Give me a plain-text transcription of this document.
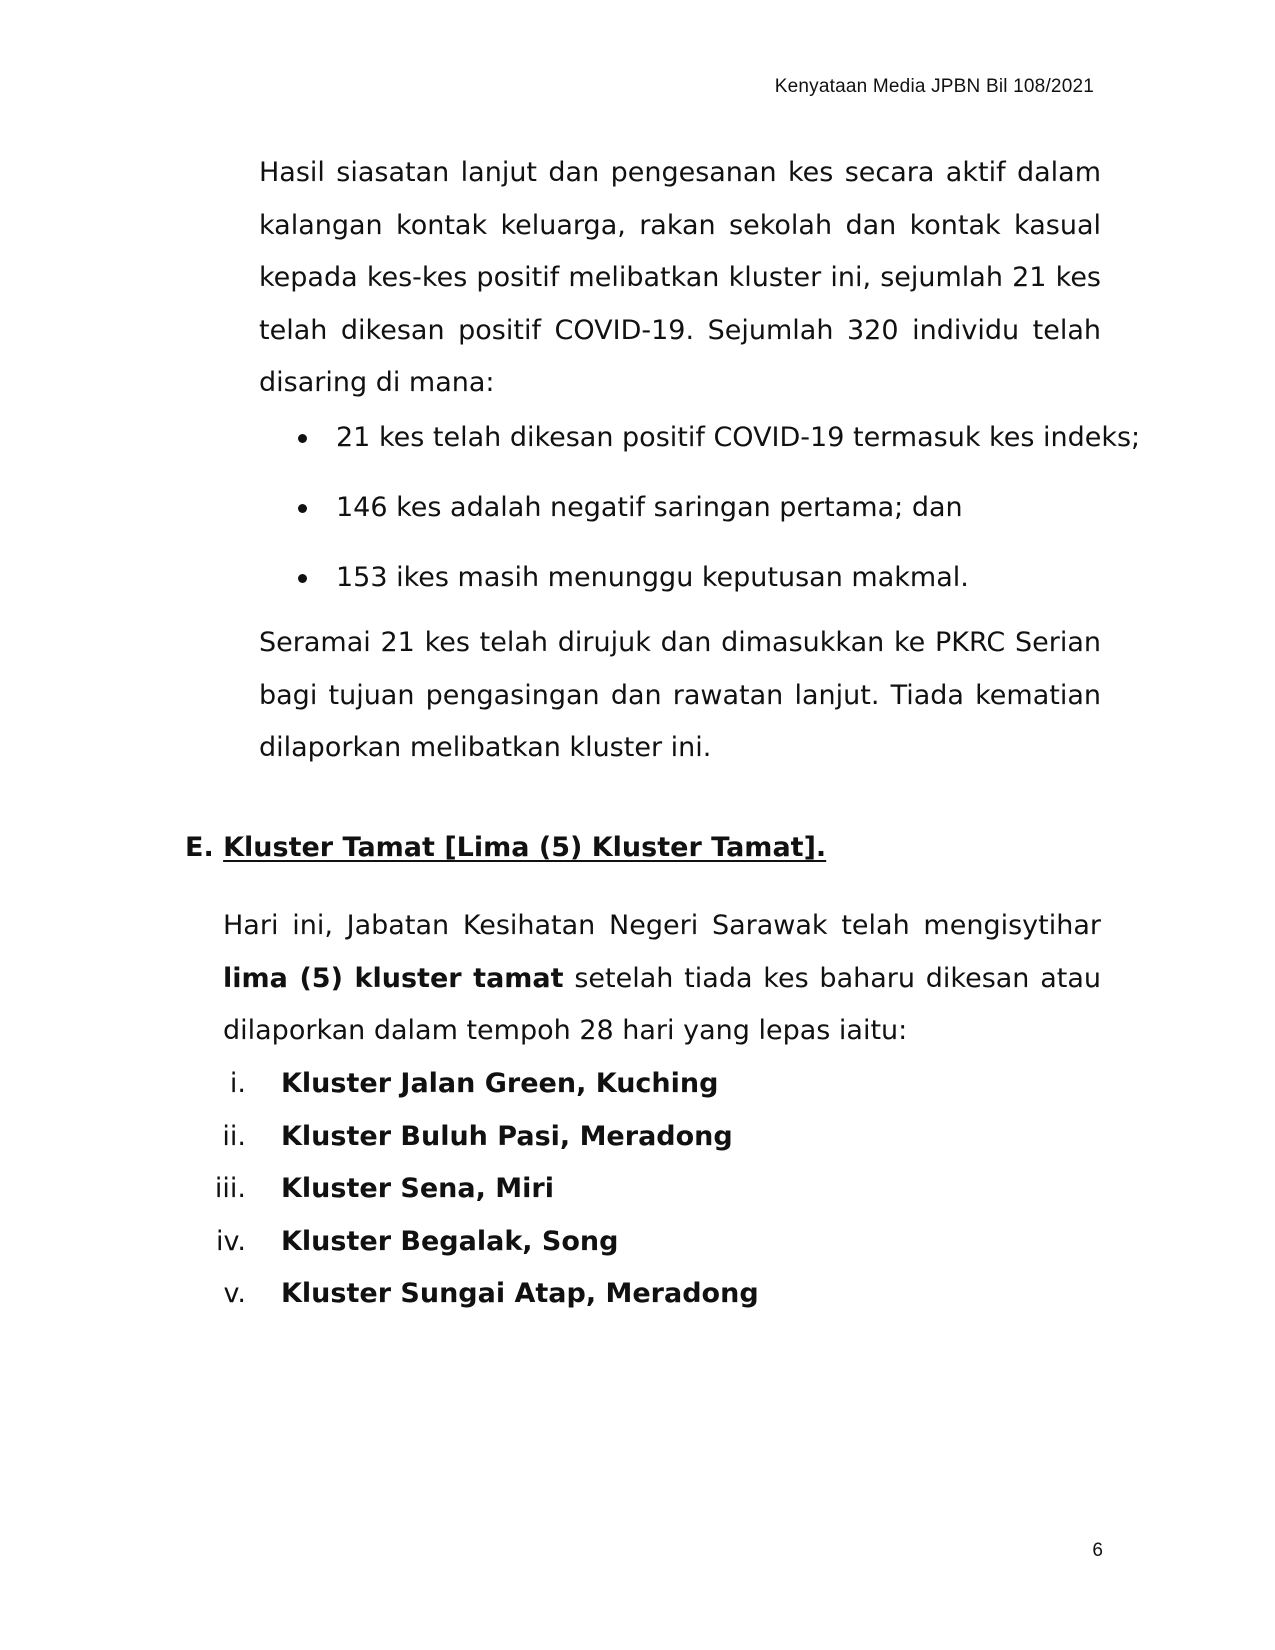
Kenyataan Media JPBN Bil 108/2021

Hasil siasatan lanjut dan pengesanan kes secara aktif dalam kalangan kontak keluarga, rakan sekolah dan kontak kasual kepada kes-kes positif melibatkan kluster ini, sejumlah 21 kes telah dikesan positif COVID-19. Sejumlah 320 individu telah disaring di mana:

21 kes telah dikesan positif COVID-19 termasuk kes indeks;
146 kes adalah negatif saringan pertama; dan
153 ikes masih menunggu keputusan makmal.

Seramai 21 kes telah dirujuk dan dimasukkan ke PKRC Serian bagi tujuan pengasingan dan rawatan lanjut. Tiada kematian dilaporkan melibatkan kluster ini.

E. Kluster Tamat [Lima (5) Kluster Tamat].

Hari ini, Jabatan Kesihatan Negeri Sarawak telah mengisytihar lima (5) kluster tamat setelah tiada kes baharu dikesan atau dilaporkan dalam tempoh 28 hari yang lepas iaitu:

i. Kluster Jalan Green, Kuching
ii. Kluster Buluh Pasi, Meradong
iii. Kluster Sena, Miri
iv. Kluster Begalak, Song
v. Kluster Sungai Atap, Meradong
6
